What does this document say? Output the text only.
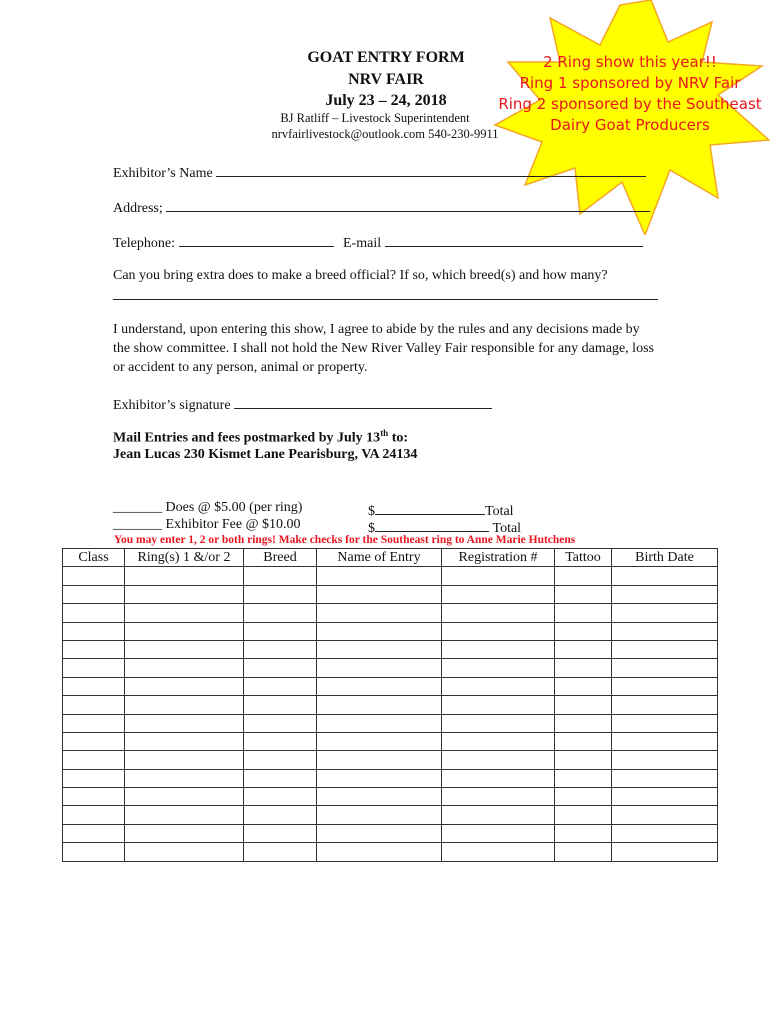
2 Ring show this year!!
Ring 1 sponsored by NRV Fair
Ring 2 sponsored by the Southeast
Dairy Goat Producers
GOAT ENTRY FORM
NRV FAIR
July 23 – 24, 2018
BJ Ratliff – Livestock Superintendent
nrvfairlivestock@outlook.com 540-230-9911
Exhibitor’s Name
Address;
Telephone:	E-mail
Can you bring extra does to make a breed official? If so, which breed(s) and how many?
I understand, upon entering this show, I agree to abide by the rules and any decisions made by the show committee. I shall not hold the New River Valley Fair responsible for any damage, loss or accident to any person, animal or property.
Exhibitor’s signature
Mail Entries and fees postmarked by July 13th to:
Jean Lucas 230 Kismet Lane Pearisburg, VA 24134
_______ Does @ $5.00 (per ring)	$	Total
_______ Exhibitor Fee @ $10.00	$	Total
You may enter 1, 2 or both rings! Make checks for the Southeast ring to Anne Marie Hutchens
Class	Ring(s) 1 &/or 2	Breed	Name of Entry	Registration #	Tattoo	Birth Date
